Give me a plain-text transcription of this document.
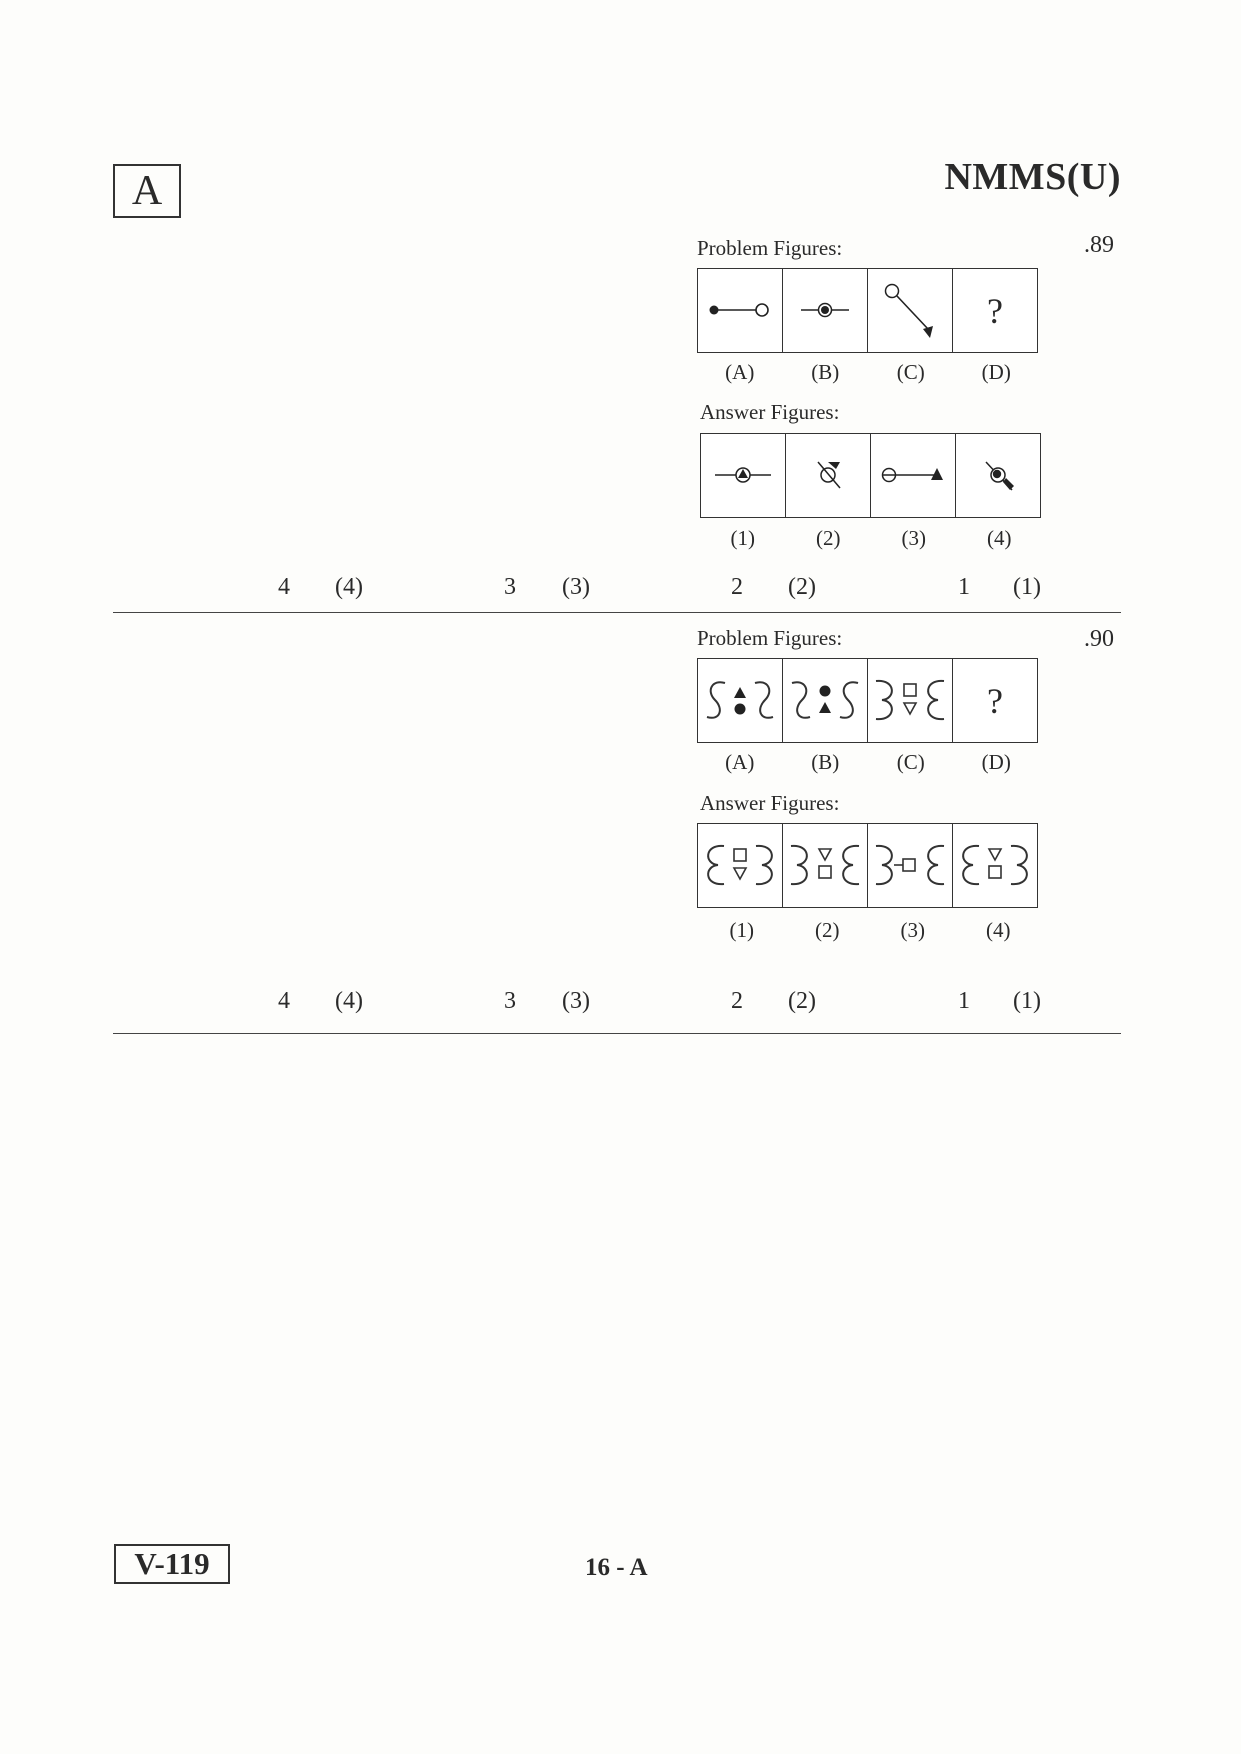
A	NMMS(U)
.89
Problem Figures:
?
(A)	(B)	(C)	(D)
Answer Figures:
(1)	(2)	(3)	(4)
4 (4)	3 (3)	2 (2)	1 (1)
.90
Problem Figures:
?
(A)	(B)	(C)	(D)
Answer Figures:
(1)	(2)	(3)	(4)
4 (4)	3 (3)	2 (2)	1 (1)
V-119	16 - A
